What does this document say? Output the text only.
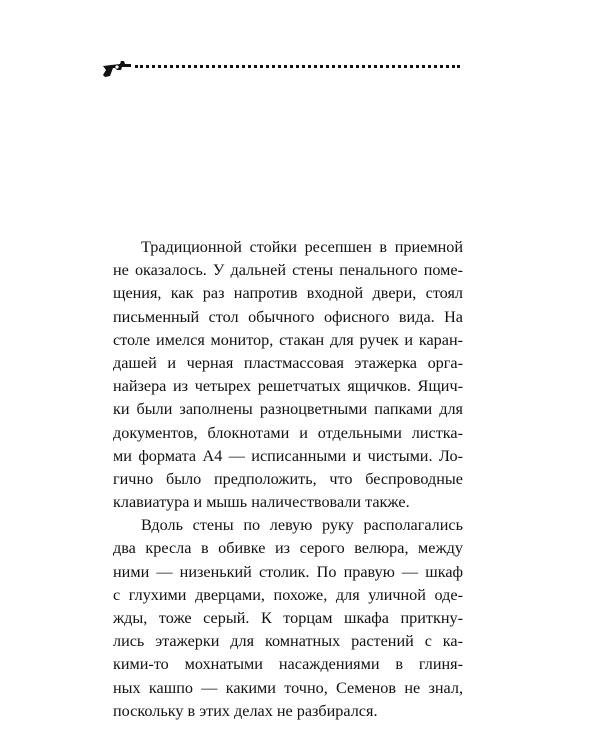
Традиционной стойки ресепшен в приемной
не оказалось. У дальней стены пенального поме-
щения, как раз напротив входной двери, стоял
письменный стол обычного офисного вида. На
столе имелся монитор, стакан для ручек и каран-
дашей и черная пластмассовая этажерка орга-
найзера из четырех решетчатых ящичков. Ящич-
ки были заполнены разноцветными папками для
документов, блокнотами и отдельными листка-
ми формата А4 — исписанными и чистыми. Ло-
гично было предположить, что беспроводные
клавиатура и мышь наличествовали также.
Вдоль стены по левую руку располагались
два кресла в обивке из серого велюра, между
ними — низенький столик. По правую — шкаф
с глухими дверцами, похоже, для уличной оде-
жды, тоже серый. К торцам шкафа приткну-
лись этажерки для комнатных растений с ка-
кими-то мохнатыми насаждениями в глиня-
ных кашпо — какими точно, Семенов не знал,
поскольку в этих делах не разбирался.
